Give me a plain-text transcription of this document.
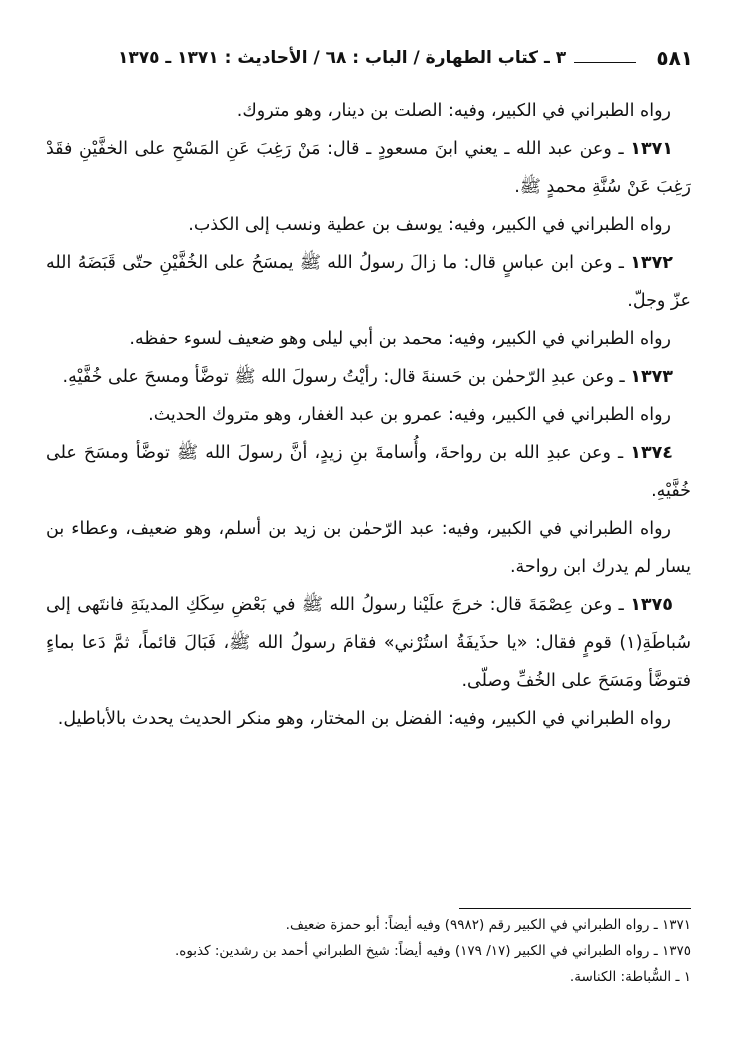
٥٨١
٣ ـ كتاب الطهارة / الباب : ٦٨ / الأحاديث : ١٣٧١ ـ ١٣٧٥

رواه الطبراني في الكبير، وفيه: الصلت بن دينار، وهو متروك.

١٣٧١ ـ وعن عبد الله ـ يعني ابنَ مسعودٍ ـ قال: مَنْ رَغِبَ عَنِ المَسْحِ على الخفَّيْنِ فقَدْ رَغِبَ عَنْ سُنَّةِ محمدٍ ﷺ.

رواه الطبراني في الكبير، وفيه: يوسف بن عطية ونسب إلى الكذب.

١٣٧٢ ـ وعن ابن عباسٍ قال: ما زالَ رسولُ الله ﷺ يمسَحُ على الخُفَّيْنِ حتّى قَبَضَهُ الله عزّ وجلّ.

رواه الطبراني في الكبير، وفيه: محمد بن أبي ليلى وهو ضعيف لسوء حفظه.

١٣٧٣ ـ وعن عبدِ الرّحمٰن بن حَسنةَ قال: رأيْتُ رسولَ الله ﷺ توضَّأ ومسحَ على خُفَّيْهِ.

رواه الطبراني في الكبير، وفيه: عمرو بن عبد الغفار، وهو متروك الحديث.

١٣٧٤ ـ وعن عبدِ الله بن رواحةَ، وأُسامةَ بنِ زيدٍ، أنَّ رسولَ الله ﷺ توضَّأ ومسَحَ على خُفَّيْهِ.

رواه الطبراني في الكبير، وفيه: عبد الرّحمٰن بن زيد بن أسلم، وهو ضعيف، وعطاء بن يسار لم يدرك ابن رواحة.

١٣٧٥ ـ وعن عِصْمَةَ قال: خرجَ علَيْنا رسولُ الله ﷺ في بَعْضِ سِكَكِ المدينَةِ فانتَهى إلى سُباطَةِ(١) قومٍ فقال: «يا حذَيفَةُ استُرْني» فقامَ رسولُ الله ﷺ، فَبَالَ قائماً، ثمَّ دَعا بماءٍ فتوضَّأ ومَسَحَ على الخُفِّ وصلّى.

رواه الطبراني في الكبير، وفيه: الفضل بن المختار، وهو منكر الحديث يحدث بالأباطيل.

١٣٧١ ـ رواه الطبراني في الكبير رقم (٩٩٨٢) وفيه أيضاً: أبو حمزة ضعيف.

١٣٧٥ ـ رواه الطبراني في الكبير (١٧/ ١٧٩) وفيه أيضاً: شيخ الطبراني أحمد بن رشدين: كذبوه.

١ ـ السُّباطة: الكناسة.
